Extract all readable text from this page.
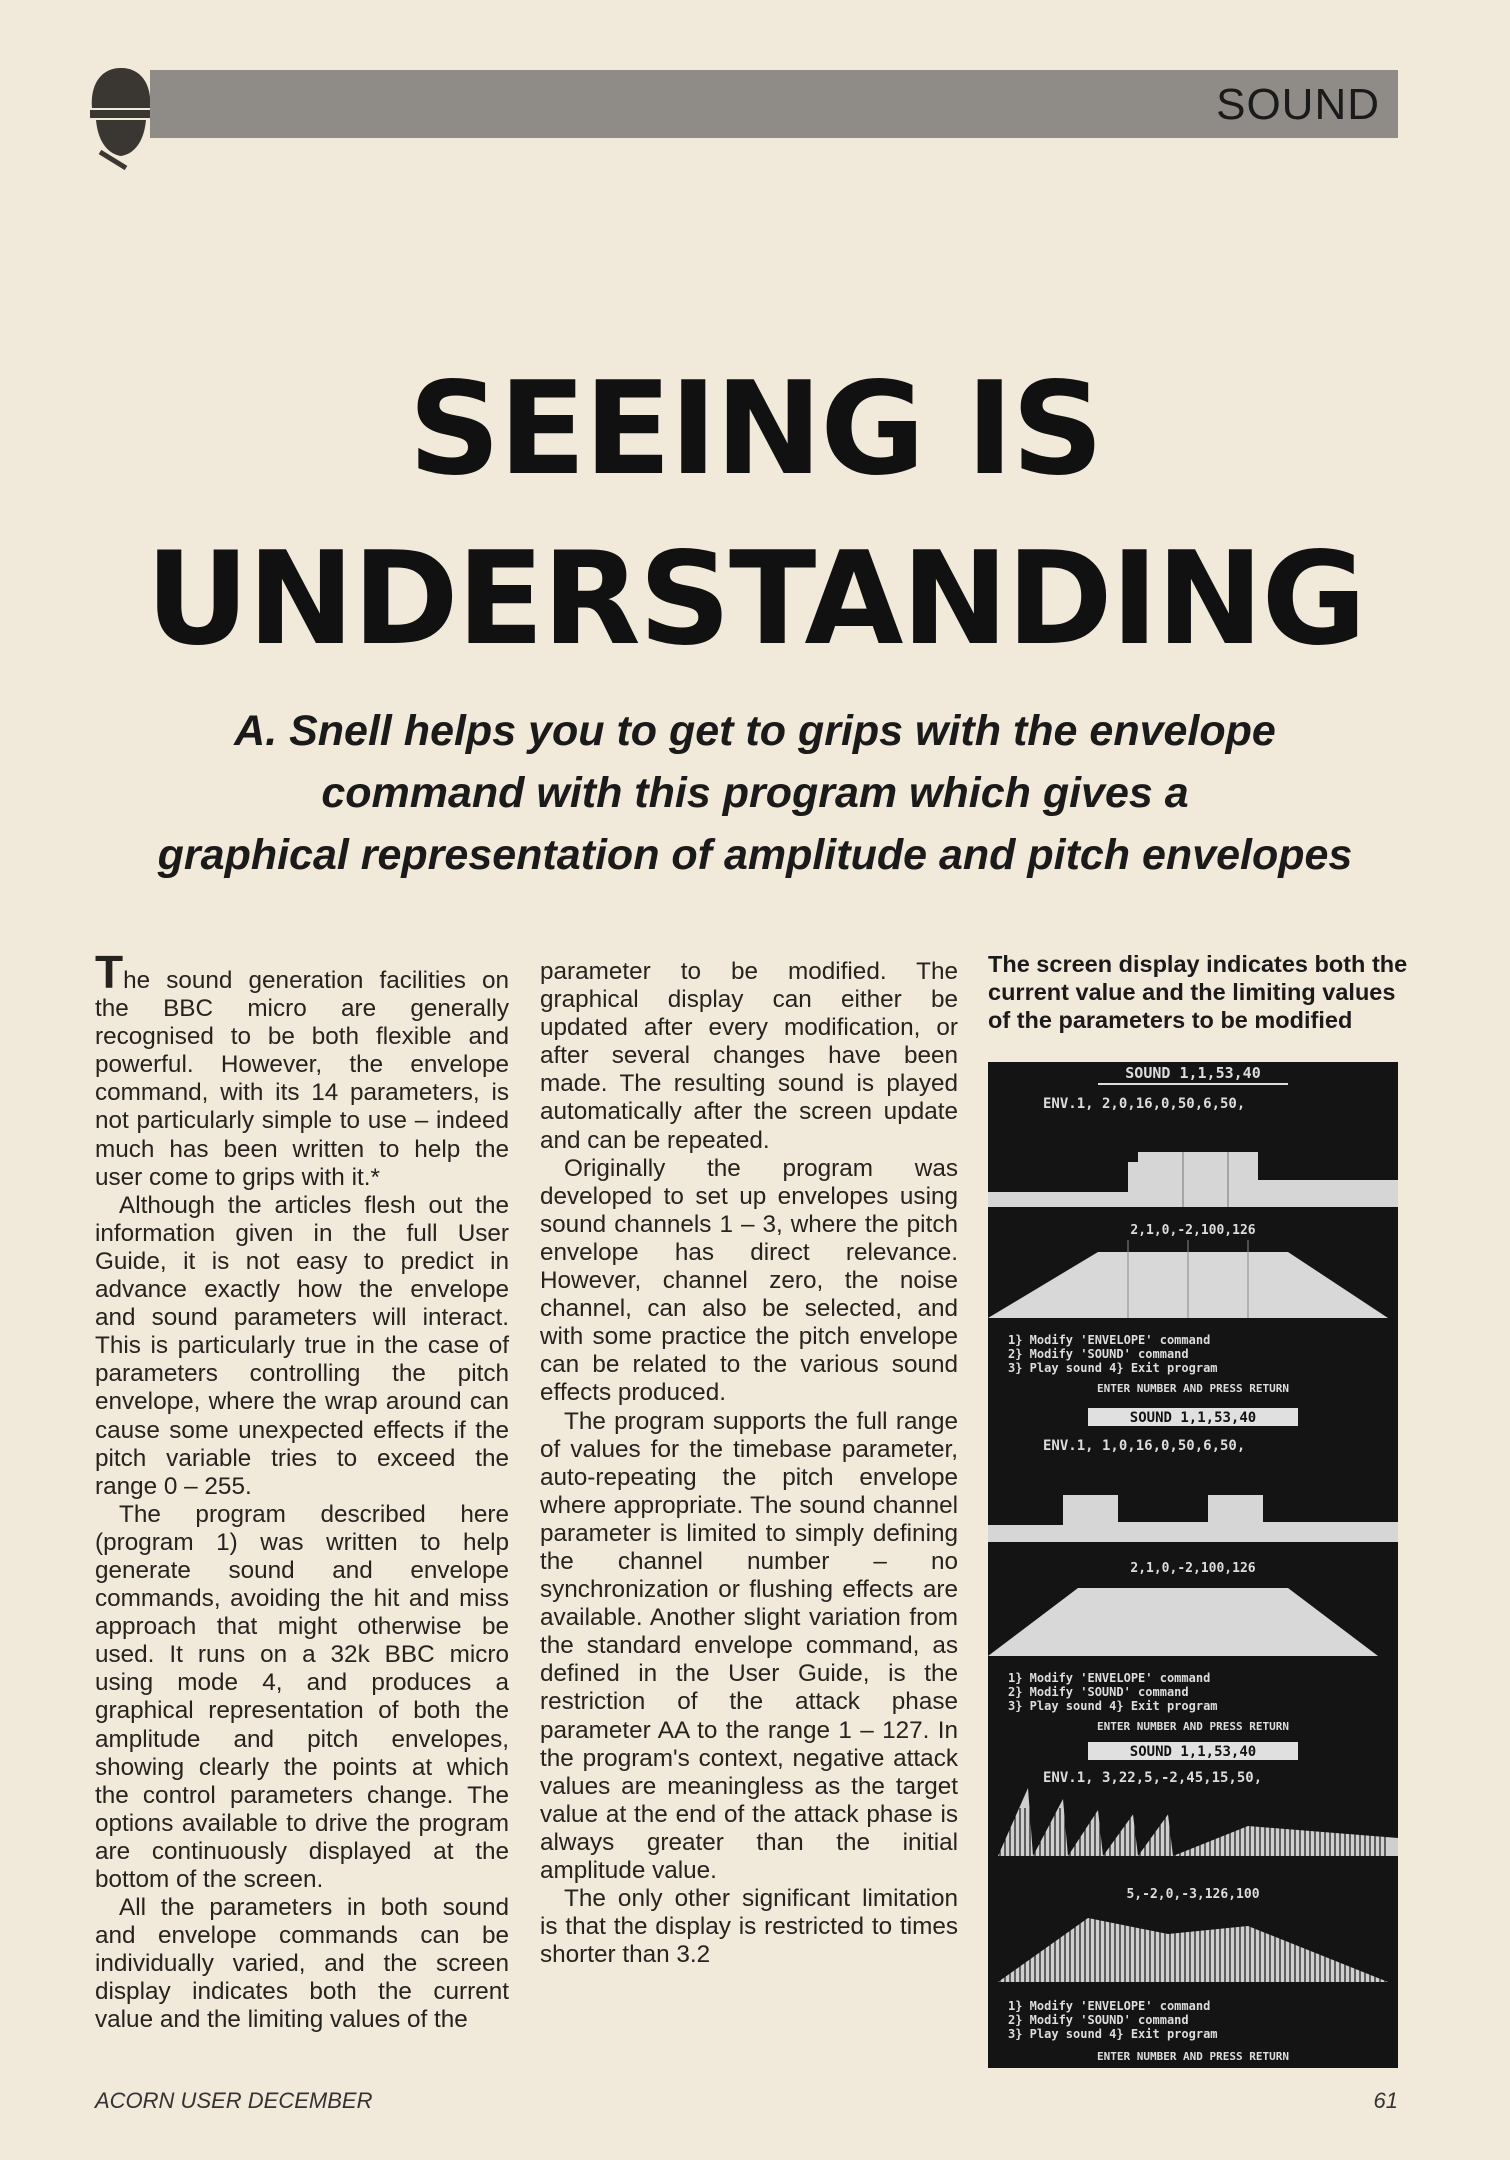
SOUND
SEEING IS
UNDERSTANDING
A. Snell helps you to get to grips with the envelope
command with this program which gives a
graphical representation of amplitude and pitch envelopes

The sound generation facilities on the BBC micro are generally recognised to be both flexible and powerful. However, the envelope command, with its 14 parameters, is not particularly simple to use – indeed much has been written to help the user come to grips with it.*

Although the articles flesh out the information given in the full User Guide, it is not easy to predict in advance exactly how the envelope and sound parameters will interact. This is particularly true in the case of parameters controlling the pitch envelope, where the wrap around can cause some unexpected effects if the pitch variable tries to exceed the range 0 – 255.

The program described here (program 1) was written to help generate sound and envelope commands, avoiding the hit and miss approach that might otherwise be used. It runs on a 32k BBC micro using mode 4, and produces a graphical representation of both the amplitude and pitch envelopes, showing clearly the points at which the control parameters change. The options available to drive the program are continuously displayed at the bottom of the screen.

All the parameters in both sound and envelope commands can be individually varied, and the screen display indicates both the current value and the limiting values of the

parameter to be modified. The graphical display can either be updated after every modification, or after several changes have been made. The resulting sound is played automatically after the screen update and can be repeated.

Originally the program was developed to set up envelopes using sound channels 1 – 3, where the pitch envelope has direct relevance. However, channel zero, the noise channel, can also be selected, and with some practice the pitch envelope can be related to the various sound effects produced.

The program supports the full range of values for the timebase parameter, auto-repeating the pitch envelope where appropriate. The sound channel parameter is limited to simply defining the channel number – no synchronization or flushing effects are available. Another slight variation from the standard envelope command, as defined in the User Guide, is the restriction of the attack phase parameter AA to the range 1 – 127. In the program's context, negative attack values are meaningless as the target value at the end of the attack phase is always greater than the initial amplitude value.

The only other significant limitation is that the display is restricted to times shorter than 3.2

The screen display indicates both the current value and the limiting values of the parameters to be modified
SOUND 1,1,53,40
ENV.1, 2,0,16,0,50,6,50,
2,1,0,-2,100,126
1} Modify 'ENVELOPE' command
2} Modify 'SOUND' command
3} Play sound 4} Exit program
ENTER NUMBER AND PRESS RETURN
SOUND 1,1,53,40
ENV.1, 1,0,16,0,50,6,50,
2,1,0,-2,100,126
1} Modify 'ENVELOPE' command
2} Modify 'SOUND' command
3} Play sound 4} Exit program
ENTER NUMBER AND PRESS RETURN
SOUND 1,1,53,40
ENV.1, 3,22,5,-2,45,15,50,
5,-2,0,-3,126,100
1} Modify 'ENVELOPE' command
2} Modify 'SOUND' command
3} Play sound 4} Exit program
ENTER NUMBER AND PRESS RETURN
ACORN USER DECEMBER	61
